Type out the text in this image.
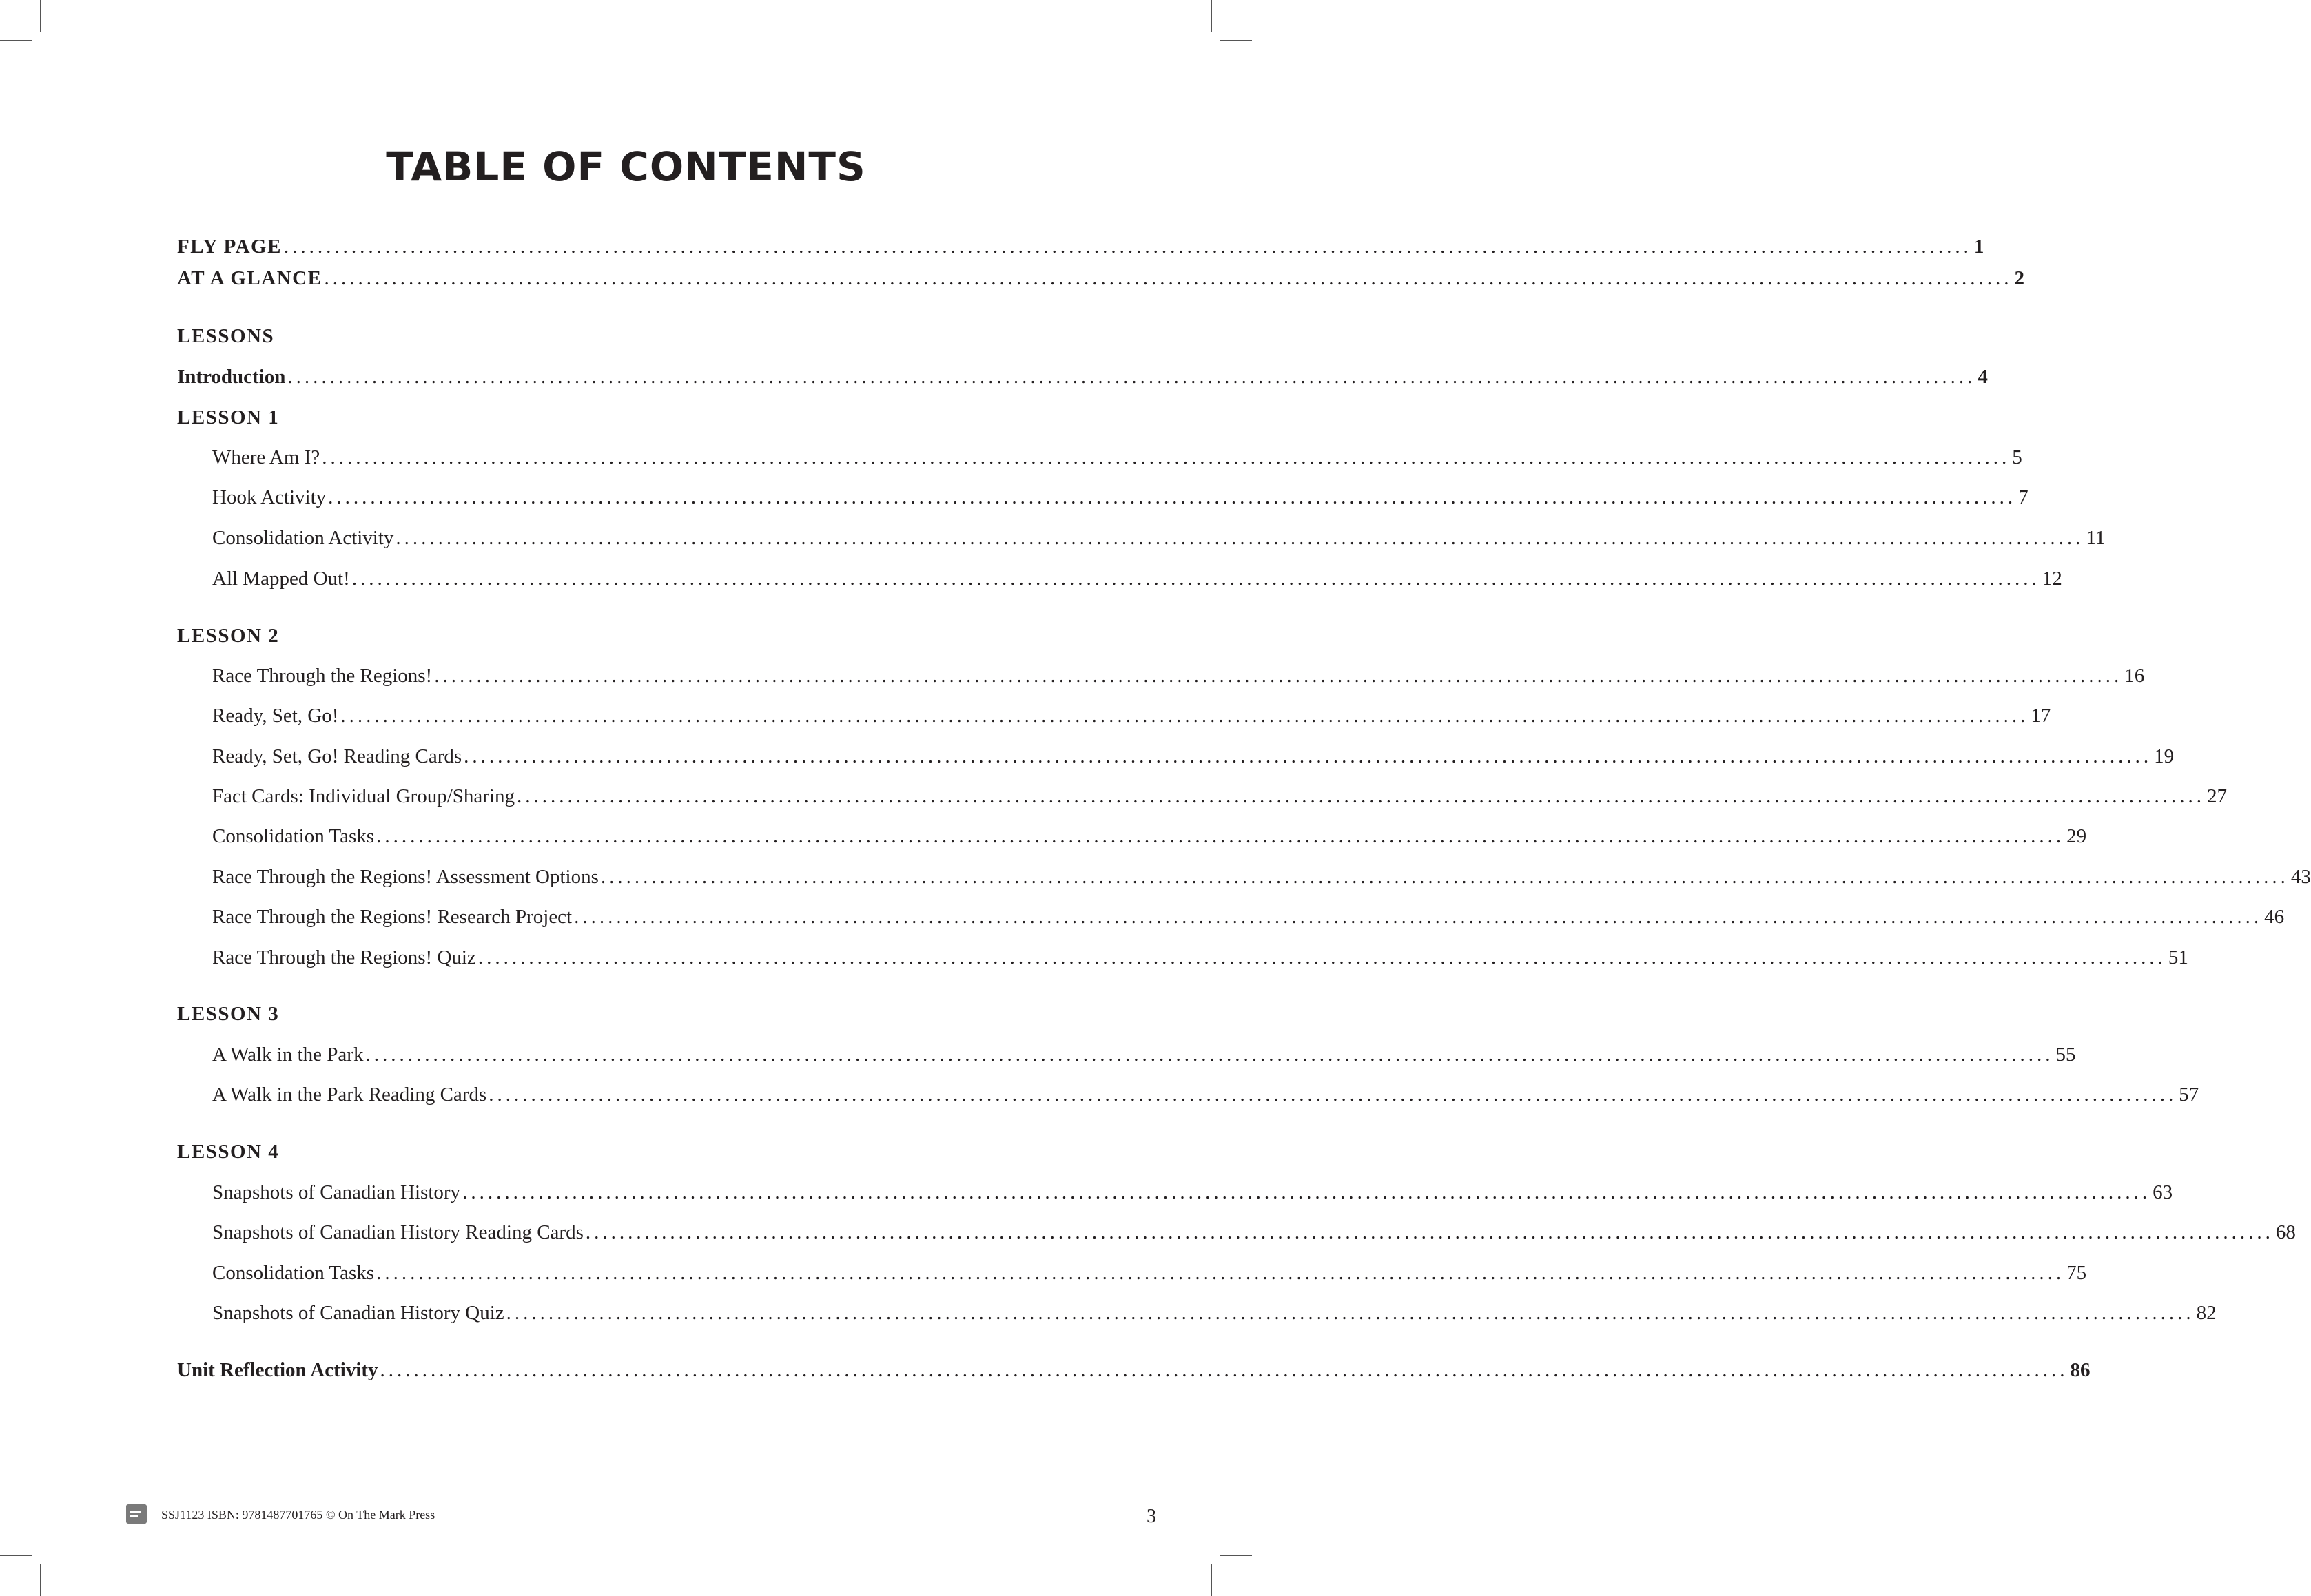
TABLE OF CONTENTS
FLY PAGE ........................................................................................................................................................................................................ 1
AT A GLANCE ........................................................................................................................................................................................................ 2
LESSONS
Introduction ........................................................................................................................................................................................................ 4
LESSON 1
Where Am I? ........................................................................................................................................................................................................ 5
Hook Activity ........................................................................................................................................................................................................ 7
Consolidation Activity ........................................................................................................................................................................................................ 11
All Mapped Out! ........................................................................................................................................................................................................ 12
LESSON 2
Race Through the Regions! ........................................................................................................................................................................................................ 16
Ready, Set, Go! ........................................................................................................................................................................................................ 17
Ready, Set, Go! Reading Cards ........................................................................................................................................................................................................ 19
Fact Cards: Individual Group/Sharing ........................................................................................................................................................................................................ 27
Consolidation Tasks ........................................................................................................................................................................................................ 29
Race Through the Regions! Assessment Options ........................................................................................................................................................................................................ 43
Race Through the Regions! Research Project ........................................................................................................................................................................................................ 46
Race Through the Regions! Quiz ........................................................................................................................................................................................................ 51
LESSON 3
A Walk in the Park ........................................................................................................................................................................................................ 55
A Walk in the Park Reading Cards ........................................................................................................................................................................................................ 57
LESSON 4
Snapshots of Canadian History ........................................................................................................................................................................................................ 63
Snapshots of Canadian History Reading Cards ........................................................................................................................................................................................................ 68
Consolidation Tasks ........................................................................................................................................................................................................ 75
Snapshots of Canadian History Quiz ........................................................................................................................................................................................................ 82
Unit Reflection Activity ........................................................................................................................................................................................................ 86
SSJ1123 ISBN: 9781487701765 © On The Mark Press	3
